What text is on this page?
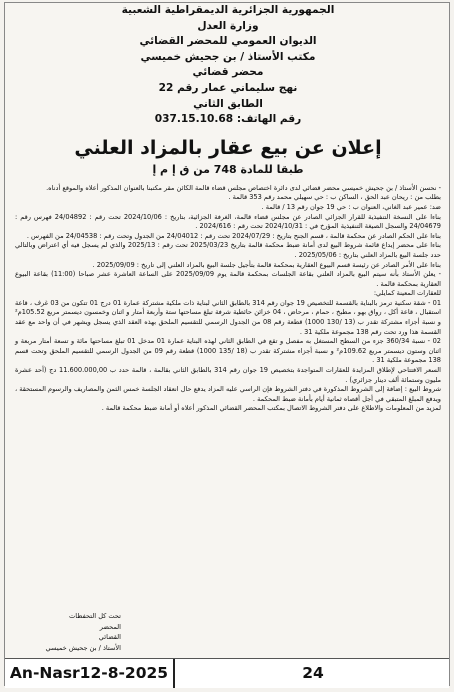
الجمهورية الجزائرية الديمقراطية الشعبية
وزارة العدل
الديوان العمومي للمحضر القضائي
مكتب الأستاذ / بن جحيش خميسي
محضر قضائي
نهج سليماني عمار رقم 22
الطابق الثاني
رقم الهاتف: 037.15.10.68
إعلان عن بيع عقار بالمزاد العلني
طبقا للمادة 748 من ق إ م إ

- نحسن الأستاذ / بن جحيش خميسي محضر قضائي لدى دائرة اختصاص مجلس قضاء قالمة الكائن مقر مكتبنا بالعنوان المذكور أعلاه والموقع أدناه.

بطلب من : ريحان عبد الحق ، الساكن ب : حي سهيلي محمد رقم 353 قالمة .

ضد: عمير عبد الغاني، العنوان ب : حي 19 جوان رقم 13 / قالمة .

بناءا على النسخة التنفيذية للقرار الجزائي الصادر عن مجلس قضاء قالمة، الغرفة الجزائية، بتاريخ : 2024/10/06 تحت رقم : 24/04892 فهرس رقم : 24/04679 والسجل الصيغة التنفيذية المؤرخ في : 2024/10/31 تحت رقم : 2024/616 .

بناءا على الحكم الصادر عن محكمة قالمة ، قسم الجنح بتاريخ : 2024/07/29 تحت رقم : 24/04012 من الجدول وتحت رقم : 24/04538 من الفهرس .

بناءا على محضر إيداع قائمة شروط البيع لدى أمانة ضبط محكمة قالمة بتاريخ 2025/03/23 تحت رقم : 2025/13 والذي لم يسجل فيه أي اعتراض وبالتالي حدد جلسة البيع بالمزاد العلني بتاريخ : 2025/05/06 .

بناءا على الأمر الصادر عن رئيسة قسم البيوع العقارية بمحكمة قالمة بتأجيل جلسة البيع بالمزاد العلني إلى تاريخ : 2025/09/09 .

- يعلن الأستاذ بأنه سيتم البيع بالمزاد العلني بقاعة الجلسات بمحكمة قالمة يوم 2025/09/09 على الساعة العاشرة عشر صباحا (11:00) بقاعة البيوع العقارية بمحكمة قالمة .

للعقارات المعينة كمايلي:

01 - شقة سكنية ترمز بالبناية بالقسمة للتخصيص 19 جوان رقم 314 بالطابق الثاني لبناية ذات ملكية مشتركة عمارة 01 درج 01 تتكون من 03 غرف ، قاعة استقبال ، قاعة أكل ، رواق بهو ، مطبخ ، حمام ، مرحاض ، 04 خزائن حائطية شرفة تبلغ مساحتها ستة وأربعة أمتار و اثنان وخمسون ديسمتر مربع 105.52م² و نسبة أجزاء مشتركة تقدر ب (13 /130 1000) قطعة رقم 08 من الجدول الرسمي للتقسيم الملحق بهذه العقد الذي يسجل ويشهر في أن واحد مع عقد القسمة هذا ورد تحت رقم 138 مجموعة ملكية 31 .

02 - نسبة 360/34 جزء من السطح المستغل به مفصل و تقع في الطابق الثاني لهذه البناية عمارة 01 مدخل 01 تبلغ مساحتها مائة و تسعة أمتار مربعة و اثنان وستون ديسمتر مربع 109.62م² و نسبة أجزاء مشتركة تقدر ب (18 /135 1000) قطعة رقم 09 من الجدول الرسمي للتقسيم الملحق وتحت قسم 138 مجموعة ملكية 31 .

السعر الافتتاحي لإطلاق المزايدة للعقارات المتواجدة بتخصيص 19 جوان رقم 314 بالطابق الثاني بقالمة ، قالمة حدد ب 11.600.000,00 دج (أحد عشرة مليون وستمائة ألف دينار جزائري) .

شروط البيع : إضافة إلى الشروط المذكورة في دفتر الشروط فإن الراسي عليه المزاد يدفع حال انعقاد الجلسة خمس الثمن والمصاريف والرسوم المستحقة ، ويدفع المبلغ المتبقي في أجل أقصاه ثمانية أيام بأمانة ضبط المحكمة .

لمزيد من المعلومات والاطلاع على دفتر الشروط الاتصال بمكتب المحضر القضائي المذكور أعلاه أو أمانة ضبط محكمة قالمة .

تحت كل التحفظات
المحضر
القضائي
الأستاذ / بن جحيش خميسي
An-Nasr12-8-2025	24
